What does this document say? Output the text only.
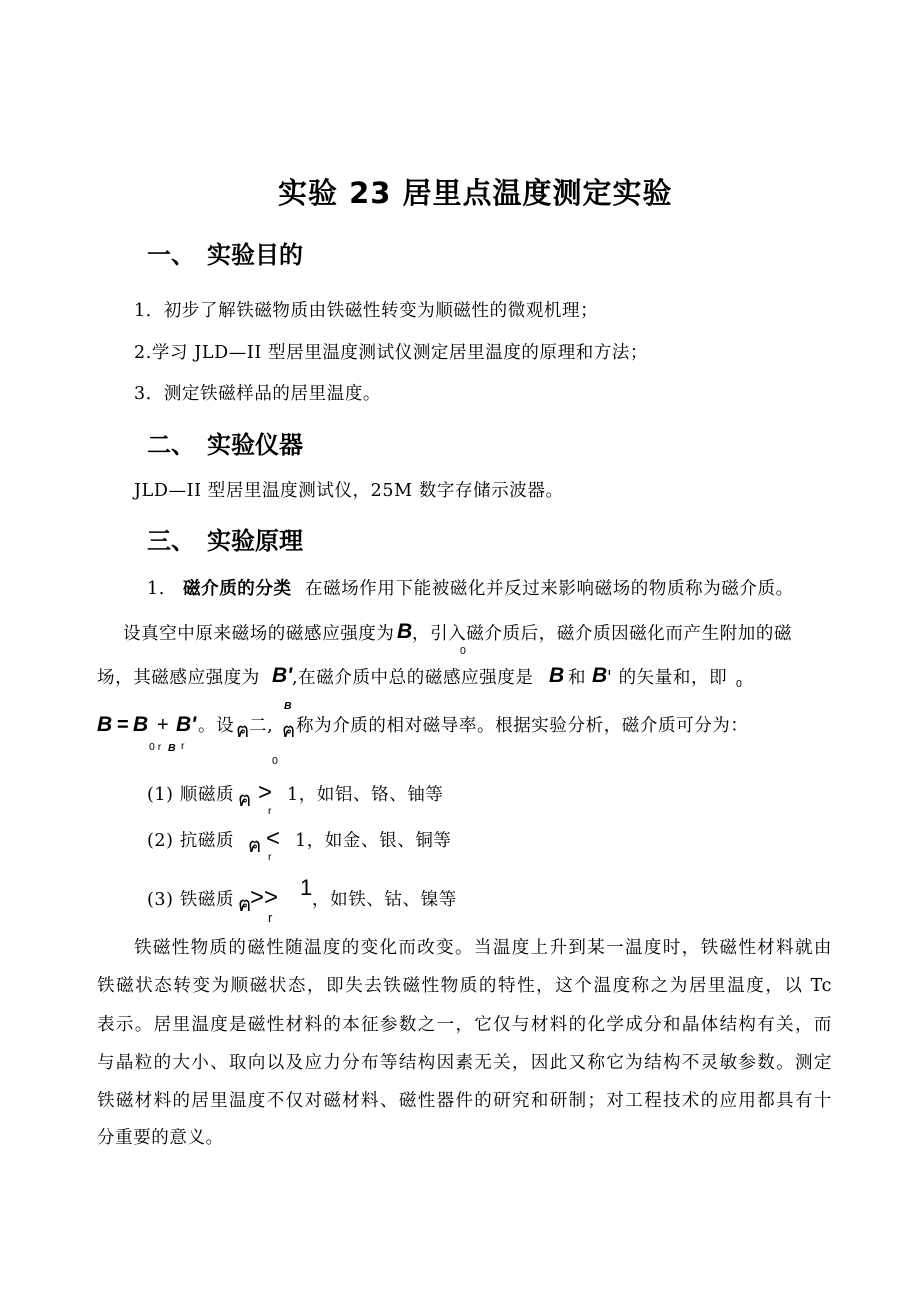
实验 23 居里点温度测定实验
一、 实验目的
1．初步了解铁磁物质由铁磁性转变为顺磁性的微观机理；
2.学习 JLD—II 型居里温度测试仪测定居里温度的原理和方法；
3．测定铁磁样品的居里温度。
二、 实验仪器
JLD—II 型居里温度测试仪，25M 数字存储示波器。
三、 实验原理
1. 磁介质的分类 在磁场作用下能被磁化并反过来影响磁场的物质称为磁介质。
设真空中原来磁场的磁感应强度为 B ，引入磁介质后，磁介质因磁化而产生附加的磁
0
场，其磁感应强度为 B' ,在磁介质中总的磁感应强度是 B 和 B ' 的矢量和，即 0
B
B = B + B' 。设 ฅ 二, ฅ 称为介质的相对磁导率。根据实验分析，磁介质可分为：
0 r B r
0
(1) 顺磁质 ฅ > 1，如铝、铬、铀等
r
(2) 抗磁质 ฅ < 1，如金、银、铜等
r
(3) 铁磁质 ฅ
>> 1 ，如铁、钴、镍等
r
铁磁性物质的磁性随温度的变化而改变。当温度上升到某一温度时，铁磁性材料就由
铁磁状态转变为顺磁状态，即失去铁磁性物质的特性，这个温度称之为居里温度，以 Tc
表示。居里温度是磁性材料的本征参数之一，它仅与材料的化学成分和晶体结构有关，而
与晶粒的大小、取向以及应力分布等结构因素无关，因此又称它为结构不灵敏参数。测定
铁磁材料的居里温度不仅对磁材料、磁性器件的研究和研制；对工程技术的应用都具有十
分重要的意义。
